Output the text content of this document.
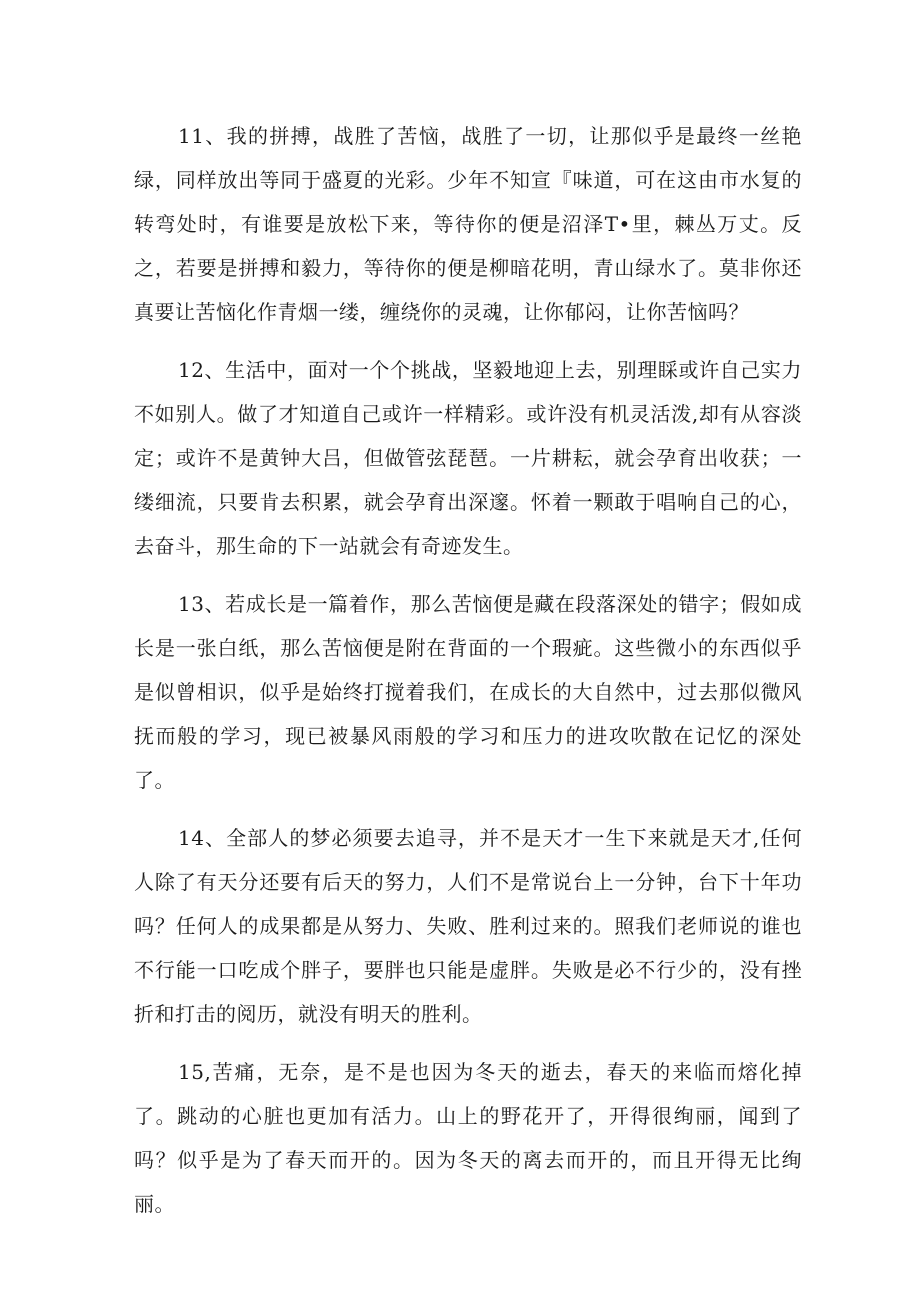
11、我的拼搏，战胜了苦恼，战胜了一切，让那似乎是最终一丝艳绿，同样放出等同于盛夏的光彩。少年不知宣『味道，可在这由市水复的转弯处时，有谁要是放松下来，等待你的便是沼泽T•里，棘丛万丈。反之，若要是拼搏和毅力，等待你的便是柳暗花明，青山绿水了。莫非你还真要让苦恼化作青烟一缕，缠绕你的灵魂，让你郁闷，让你苦恼吗？

12、生活中，面对一个个挑战，坚毅地迎上去，别理睬或许自己实力不如别人。做了才知道自己或许一样精彩。或许没有机灵活泼,却有从容淡定；或许不是黄钟大吕，但做管弦琵琶。一片耕耘，就会孕育出收获；一缕细流，只要肯去积累，就会孕育出深邃。怀着一颗敢于唱响自己的心，去奋斗，那生命的下一站就会有奇迹发生。

13、若成长是一篇着作，那么苦恼便是藏在段落深处的错字；假如成长是一张白纸，那么苦恼便是附在背面的一个瑕疵。这些微小的东西似乎是似曾相识，似乎是始终打搅着我们，在成长的大自然中，过去那似微风抚而般的学习，现已被暴风雨般的学习和压力的进攻吹散在记忆的深处了。

14、全部人的梦必须要去追寻，并不是天才一生下来就是天才,任何人除了有天分还要有后天的努力，人们不是常说台上一分钟，台下十年功吗？任何人的成果都是从努力、失败、胜利过来的。照我们老师说的谁也不行能一口吃成个胖子，要胖也只能是虚胖。失败是必不行少的，没有挫折和打击的阅历，就没有明天的胜利。

15,苦痛，无奈，是不是也因为冬天的逝去，春天的来临而熔化掉了。跳动的心脏也更加有活力。山上的野花开了，开得很绚丽，闻到了吗？似乎是为了春天而开的。因为冬天的离去而开的，而且开得无比绚丽。
